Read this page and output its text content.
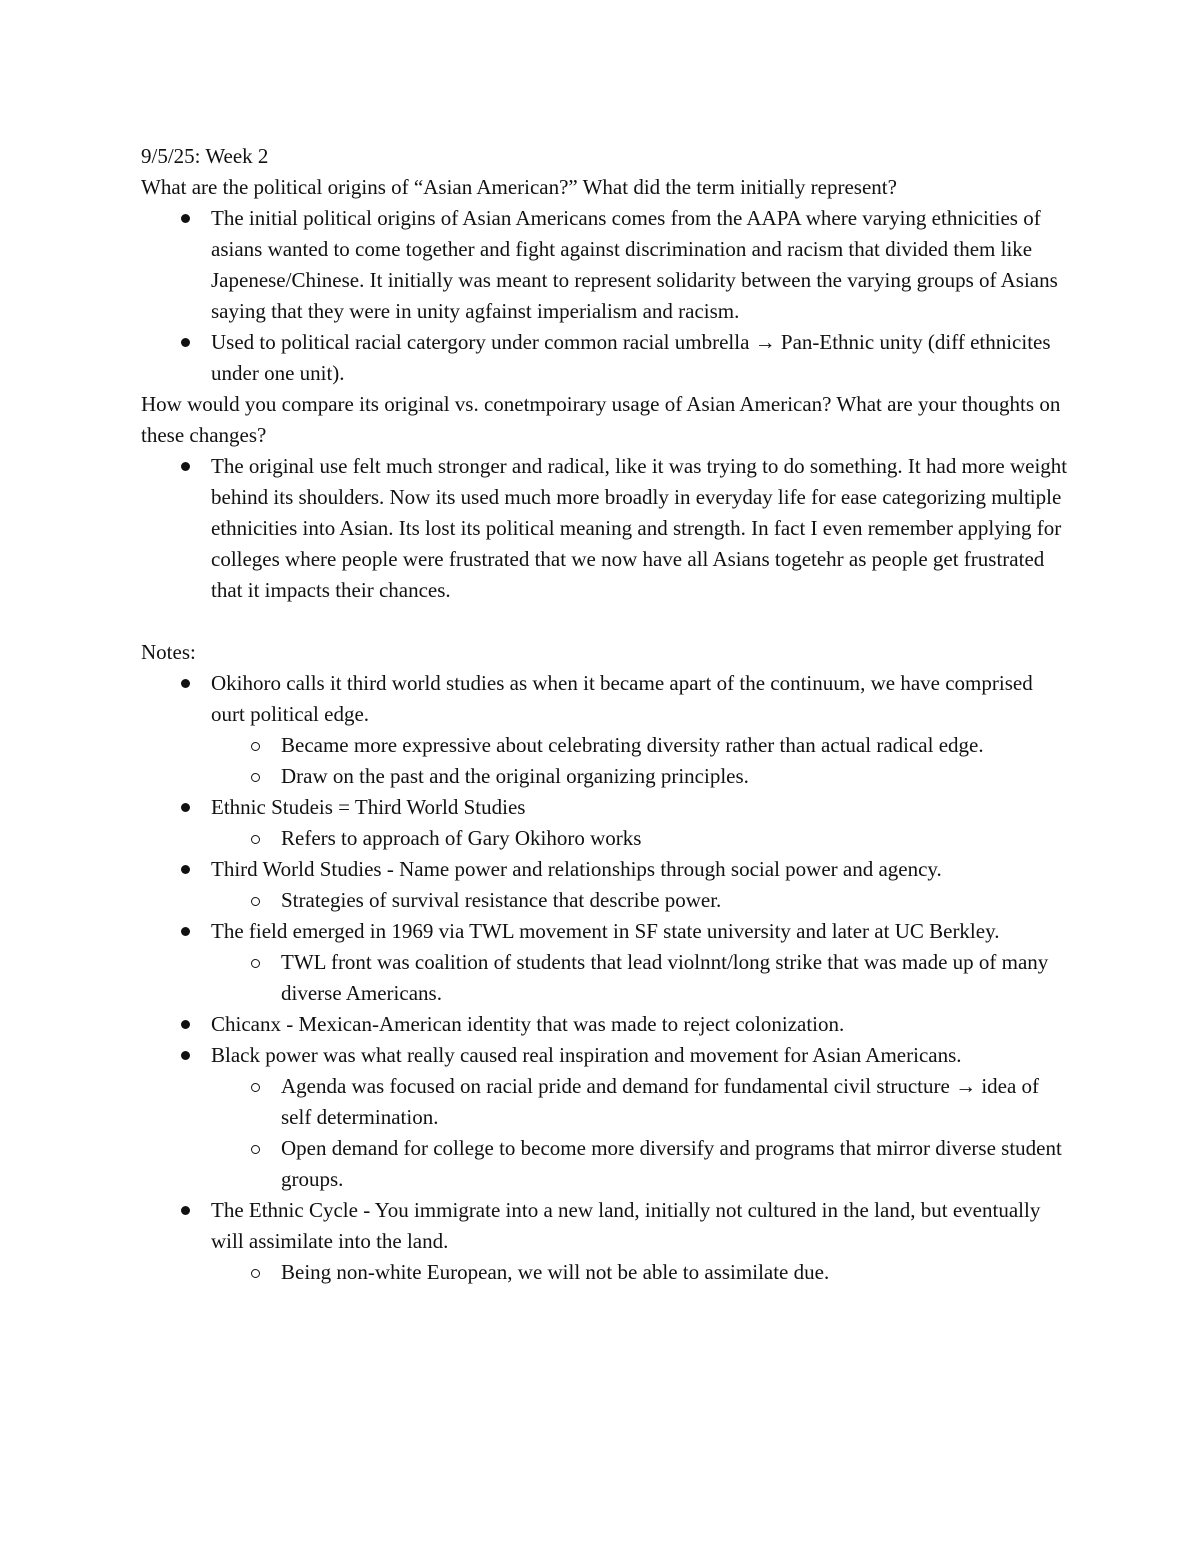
9/5/25: Week 2

What are the political origins of “Asian American?” What did the term initially represent?

The initial political origins of Asian Americans comes from the AAPA where varying ethnicities of asians wanted to come together and fight against discrimination and racism that divided them like Japenese/Chinese. It initially was meant to represent solidarity between the varying groups of Asians saying that they were in unity agfainst imperialism and racism.
Used to political racial catergory under common racial umbrella → Pan-Ethnic unity (diff ethnicites under one unit).

How would you compare its original vs. conetmpoirary usage of Asian American? What are your thoughts on these changes?

The original use felt much stronger and radical, like it was trying to do something. It had more weight behind its shoulders. Now its used much more broadly in everyday life for ease categorizing multiple ethnicities into Asian. Its lost its political meaning and strength. In fact I even remember applying for colleges where people were frustrated that we now have all Asians togetehr as people get frustrated that it impacts their chances.

Notes:

Okihoro calls it third world studies as when it became apart of the continuum, we have comprised ourt political edge.
Became more expressive about celebrating diversity rather than actual radical edge.
Draw on the past and the original organizing principles.
Ethnic Studeis = Third World Studies
Refers to approach of Gary Okihoro works
Third World Studies - Name power and relationships through social power and agency.
Strategies of survival resistance that describe power.
The field emerged in 1969 via TWL movement in SF state university and later at UC Berkley.
TWL front was coalition of students that lead violnnt/long strike that was made up of many diverse Americans.
Chicanx - Mexican-American identity that was made to reject colonization.
Black power was what really caused real inspiration and movement for Asian Americans.
Agenda was focused on racial pride and demand for fundamental civil structure → idea of self determination.
Open demand for college to become more diversify and programs that mirror diverse student groups.
The Ethnic Cycle - You immigrate into a new land, initially not cultured in the land, but eventually will assimilate into the land.
Being non-white European, we will not be able to assimilate due.
